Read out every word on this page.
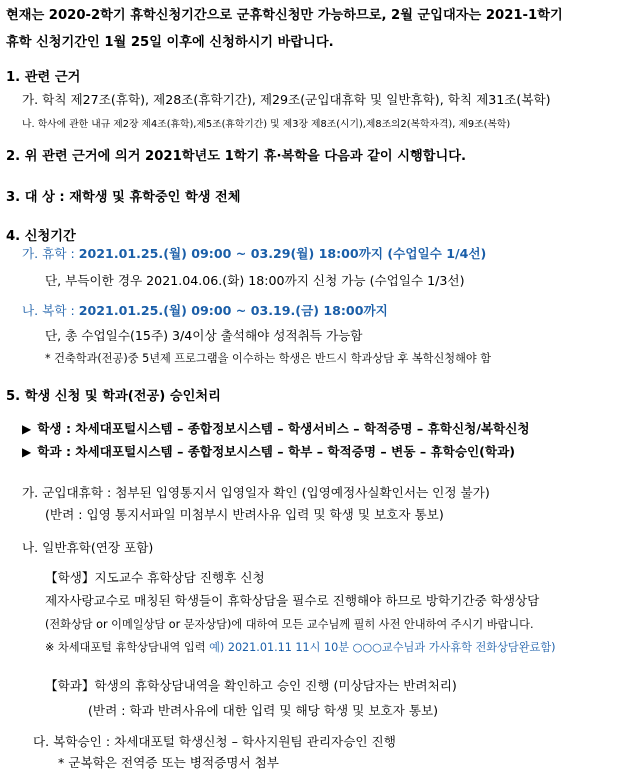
현재는 2020-2학기 휴학신청기간으로 군휴학신청만 가능하므로, 2월 군입대자는 2021-1학기
휴학 신청기간인 1월 25일 이후에 신청하시기 바랍니다.
1. 관련 근거
가. 학칙 제27조(휴학), 제28조(휴학기간), 제29조(군입대휴학 및 일반휴학), 학칙 제31조(복학)
나. 학사에 관한 내규 제2장 제4조(휴학),제5조(휴학기간) 및 제3장 제8조(시기),제8조의2(복학자격), 제9조(복학)
2. 위 관련 근거에 의거 2021학년도 1학기 휴·복학을 다음과 같이 시행합니다.
3. 대 상 : 재학생 및 휴학중인 학생 전체
4. 신청기간
가. 휴학 : 2021.01.25.(월) 09:00 ~ 03.29(월) 18:00까지 (수업일수 1/4선)
단, 부득이한 경우 2021.04.06.(화) 18:00까지 신청 가능 (수업일수 1/3선)
나. 복학 : 2021.01.25.(월) 09:00 ~ 03.19.(금) 18:00까지
단, 총 수업일수(15주) 3/4이상 출석해야 성적취득 가능함
* 건축학과(전공)중 5년제 프로그램을 이수하는 학생은 반드시 학과상담 후 복학신청해야 함
5. 학생 신청 및 학과(전공) 승인처리
▶ 학생 : 차세대포털시스템 – 종합정보시스템 – 학생서비스 – 학적증명 – 휴학신청/복학신청
▶ 학과 : 차세대포털시스템 – 종합정보시스템 – 학부 – 학적증명 – 변동 – 휴학승인(학과)
가. 군입대휴학 : 첨부된 입영통지서 입영일자 확인 (입영예정사실확인서는 인정 불가)
(반려 : 입영 통지서파일 미첨부시 반려사유 입력 및 학생 및 보호자 통보)
나. 일반휴학(연장 포함)
【학생】지도교수 휴학상담 진행후 신청
제자사랑교수로 매칭된 학생들이 휴학상담을 필수로 진행해야 하므로 방학기간중 학생상담
(전화상담 or 이메일상담 or 문자상담)에 대하여 모든 교수님께 필히 사전 안내하여 주시기 바랍니다.
※ 차세대포털 휴학상담내역 입력 예) 2021.01.11 11시 10분 ○○○교수님과 가사휴학 전화상담완료함)
【학과】학생의 휴학상담내역을 확인하고 승인 진행 (미상담자는 반려처리)
(반려 : 학과 반려사유에 대한 입력 및 해당 학생 및 보호자 통보)
다. 복학승인 : 차세대포털 학생신청 – 학사지원팀 관리자승인 진행
* 군복학은 전역증 또는 병적증명서 첨부
